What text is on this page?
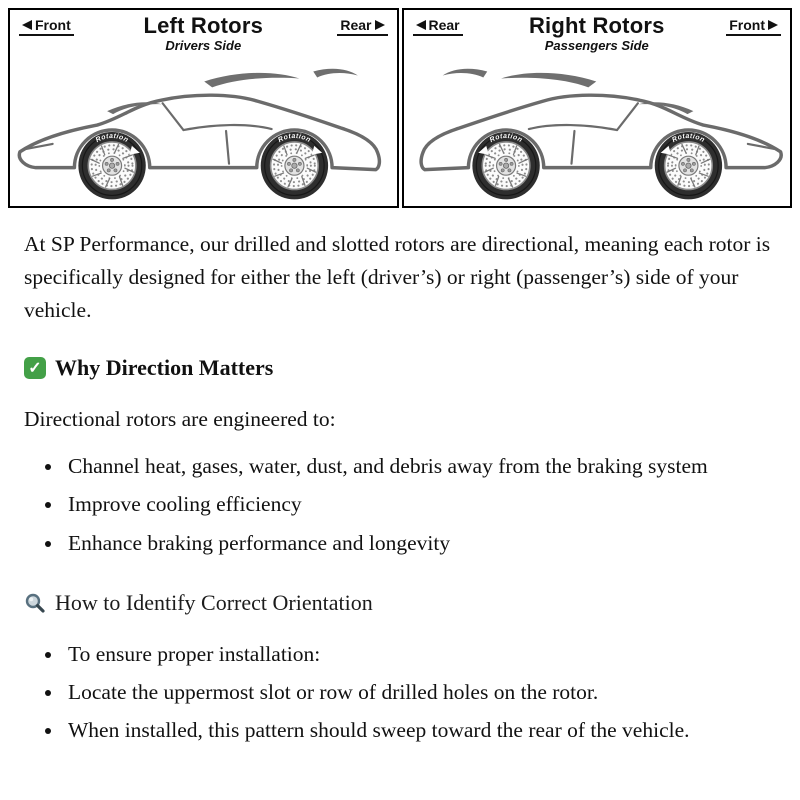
Front	Left Rotors
Drivers Side
Rear
Rotation	Rotation
Rear	Right Rotors
Passengers Side
Front
Rotation	Rotation

At SP Performance, our drilled and slotted rotors are directional, meaning each rotor is specifically designed for either the left (driver’s) or right (passenger’s) side of your vehicle.

✓ Why Direction Matters

Directional rotors are engineered to:

• Channel heat, gases, water, dust, and debris away from the braking system
• Improve cooling efficiency
• Enhance braking performance and longevity
How to Identify Correct Orientation
• To ensure proper installation:
• Locate the uppermost slot or row of drilled holes on the rotor.
• When installed, this pattern should sweep toward the rear of the vehicle.
